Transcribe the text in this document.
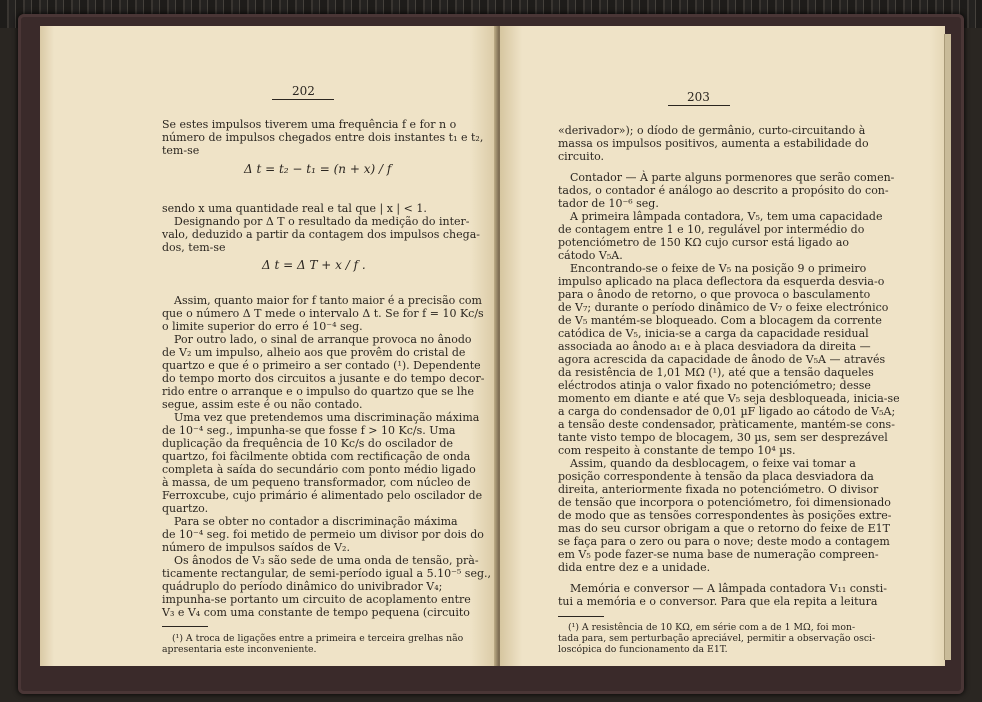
202
Se estes impulsos tiverem uma frequência f e for n o
número de impulsos chegados entre dois instantes t₁ e t₂,
tem-se
Δ t = t₂ − t₁ = (n + x) / f
sendo x uma quantidade real e tal que | x | < 1.
Designando por Δ T o resultado da medição do inter-
valo, deduzido a partir da contagem dos impulsos chega-
dos, tem-se
Δ t = Δ T + x / f .
Assim, quanto maior for f tanto maior é a precisão com
que o número Δ T mede o intervalo Δ t. Se for f = 10 Kc/s
o limite superior do erro é 10⁻⁴ seg.
Por outro lado, o sinal de arranque provoca no ânodo
de V₂ um impulso, alheio aos que provêm do cristal de
quartzo e que é o primeiro a ser contado (¹). Dependente
do tempo morto dos circuitos a jusante e do tempo decor-
rido entre o arranque e o impulso do quartzo que se lhe
segue, assim este é ou não contado.
Uma vez que pretendemos uma discriminação máxima
de 10⁻⁴ seg., impunha-se que fosse f > 10 Kc/s. Uma
duplicação da frequência de 10 Kc/s do oscilador de
quartzo, foi fàcilmente obtida com rectificação de onda
completa à saída do secundário com ponto médio ligado
à massa, de um pequeno transformador, com núcleo de
Ferroxcube, cujo primário é alimentado pelo oscilador de
quartzo.
Para se obter no contador a discriminação máxima
de 10⁻⁴ seg. foi metido de permeio um divisor por dois do
número de impulsos saídos de V₂.
Os ânodos de V₃ são sede de uma onda de tensão, prà-
ticamente rectangular, de semi-período igual a 5.10⁻⁵ seg.,
quádruplo do período dinâmico do univibrador V₄;
impunha-se portanto um circuito de acoplamento entre
V₃ e V₄ com uma constante de tempo pequena (circuito
(¹) A troca de ligações entre a primeira e terceira grelhas não
apresentaria este inconveniente.
203
«derivador»); o díodo de germânio, curto-circuitando à
massa os impulsos positivos, aumenta a estabilidade do
circuito.
Contador — À parte alguns pormenores que serão comen-
tados, o contador é análogo ao descrito a propósito do con-
tador de 10⁻⁶ seg.
A primeira lâmpada contadora, V₅, tem uma capacidade
de contagem entre 1 e 10, regulável por intermédio do
potenciómetro de 150 KΩ cujo cursor está ligado ao
cátodo V₅A.
Encontrando-se o feixe de V₅ na posição 9 o primeiro
impulso aplicado na placa deflectora da esquerda desvia-o
para o ânodo de retorno, o que provoca o basculamento
de V₇; durante o período dinâmico de V₇ o feixe electrónico
de V₅ mantém-se bloqueado. Com a blocagem da corrente
catódica de V₅, inicia-se a carga da capacidade residual
associada ao ânodo a₁ e à placa desviadora da direita —
agora acrescida da capacidade de ânodo de V₅A — através
da resistência de 1,01 MΩ (¹), até que a tensão daqueles
eléctrodos atinja o valor fixado no potenciómetro; desse
momento em diante e até que V₅ seja desbloqueada, inicia-se
a carga do condensador de 0,01 µF ligado ao cátodo de V₅A;
a tensão deste condensador, pràticamente, mantém-se cons-
tante visto tempo de blocagem, 30 µs, sem ser desprezável
com respeito à constante de tempo 10⁴ µs.
Assim, quando da desblocagem, o feixe vai tomar a
posição correspondente à tensão da placa desviadora da
direita, anteriormente fixada no potenciómetro. O divisor
de tensão que incorpora o potenciómetro, foi dimensionado
de modo que as tensões correspondentes às posições extre-
mas do seu cursor obrigam a que o retorno do feixe de E1T
se faça para o zero ou para o nove; deste modo a contagem
em V₅ pode fazer-se numa base de numeração compreen-
dida entre dez e a unidade.
Memória e conversor — A lâmpada contadora V₁₁ consti-
tui a memória e o conversor. Para que ela repita a leitura
(¹) A resistência de 10 KΩ, em série com a de 1 MΩ, foi mon-
tada para, sem perturbação apreciável, permitir a observação osci-
loscópica do funcionamento da E1T.
